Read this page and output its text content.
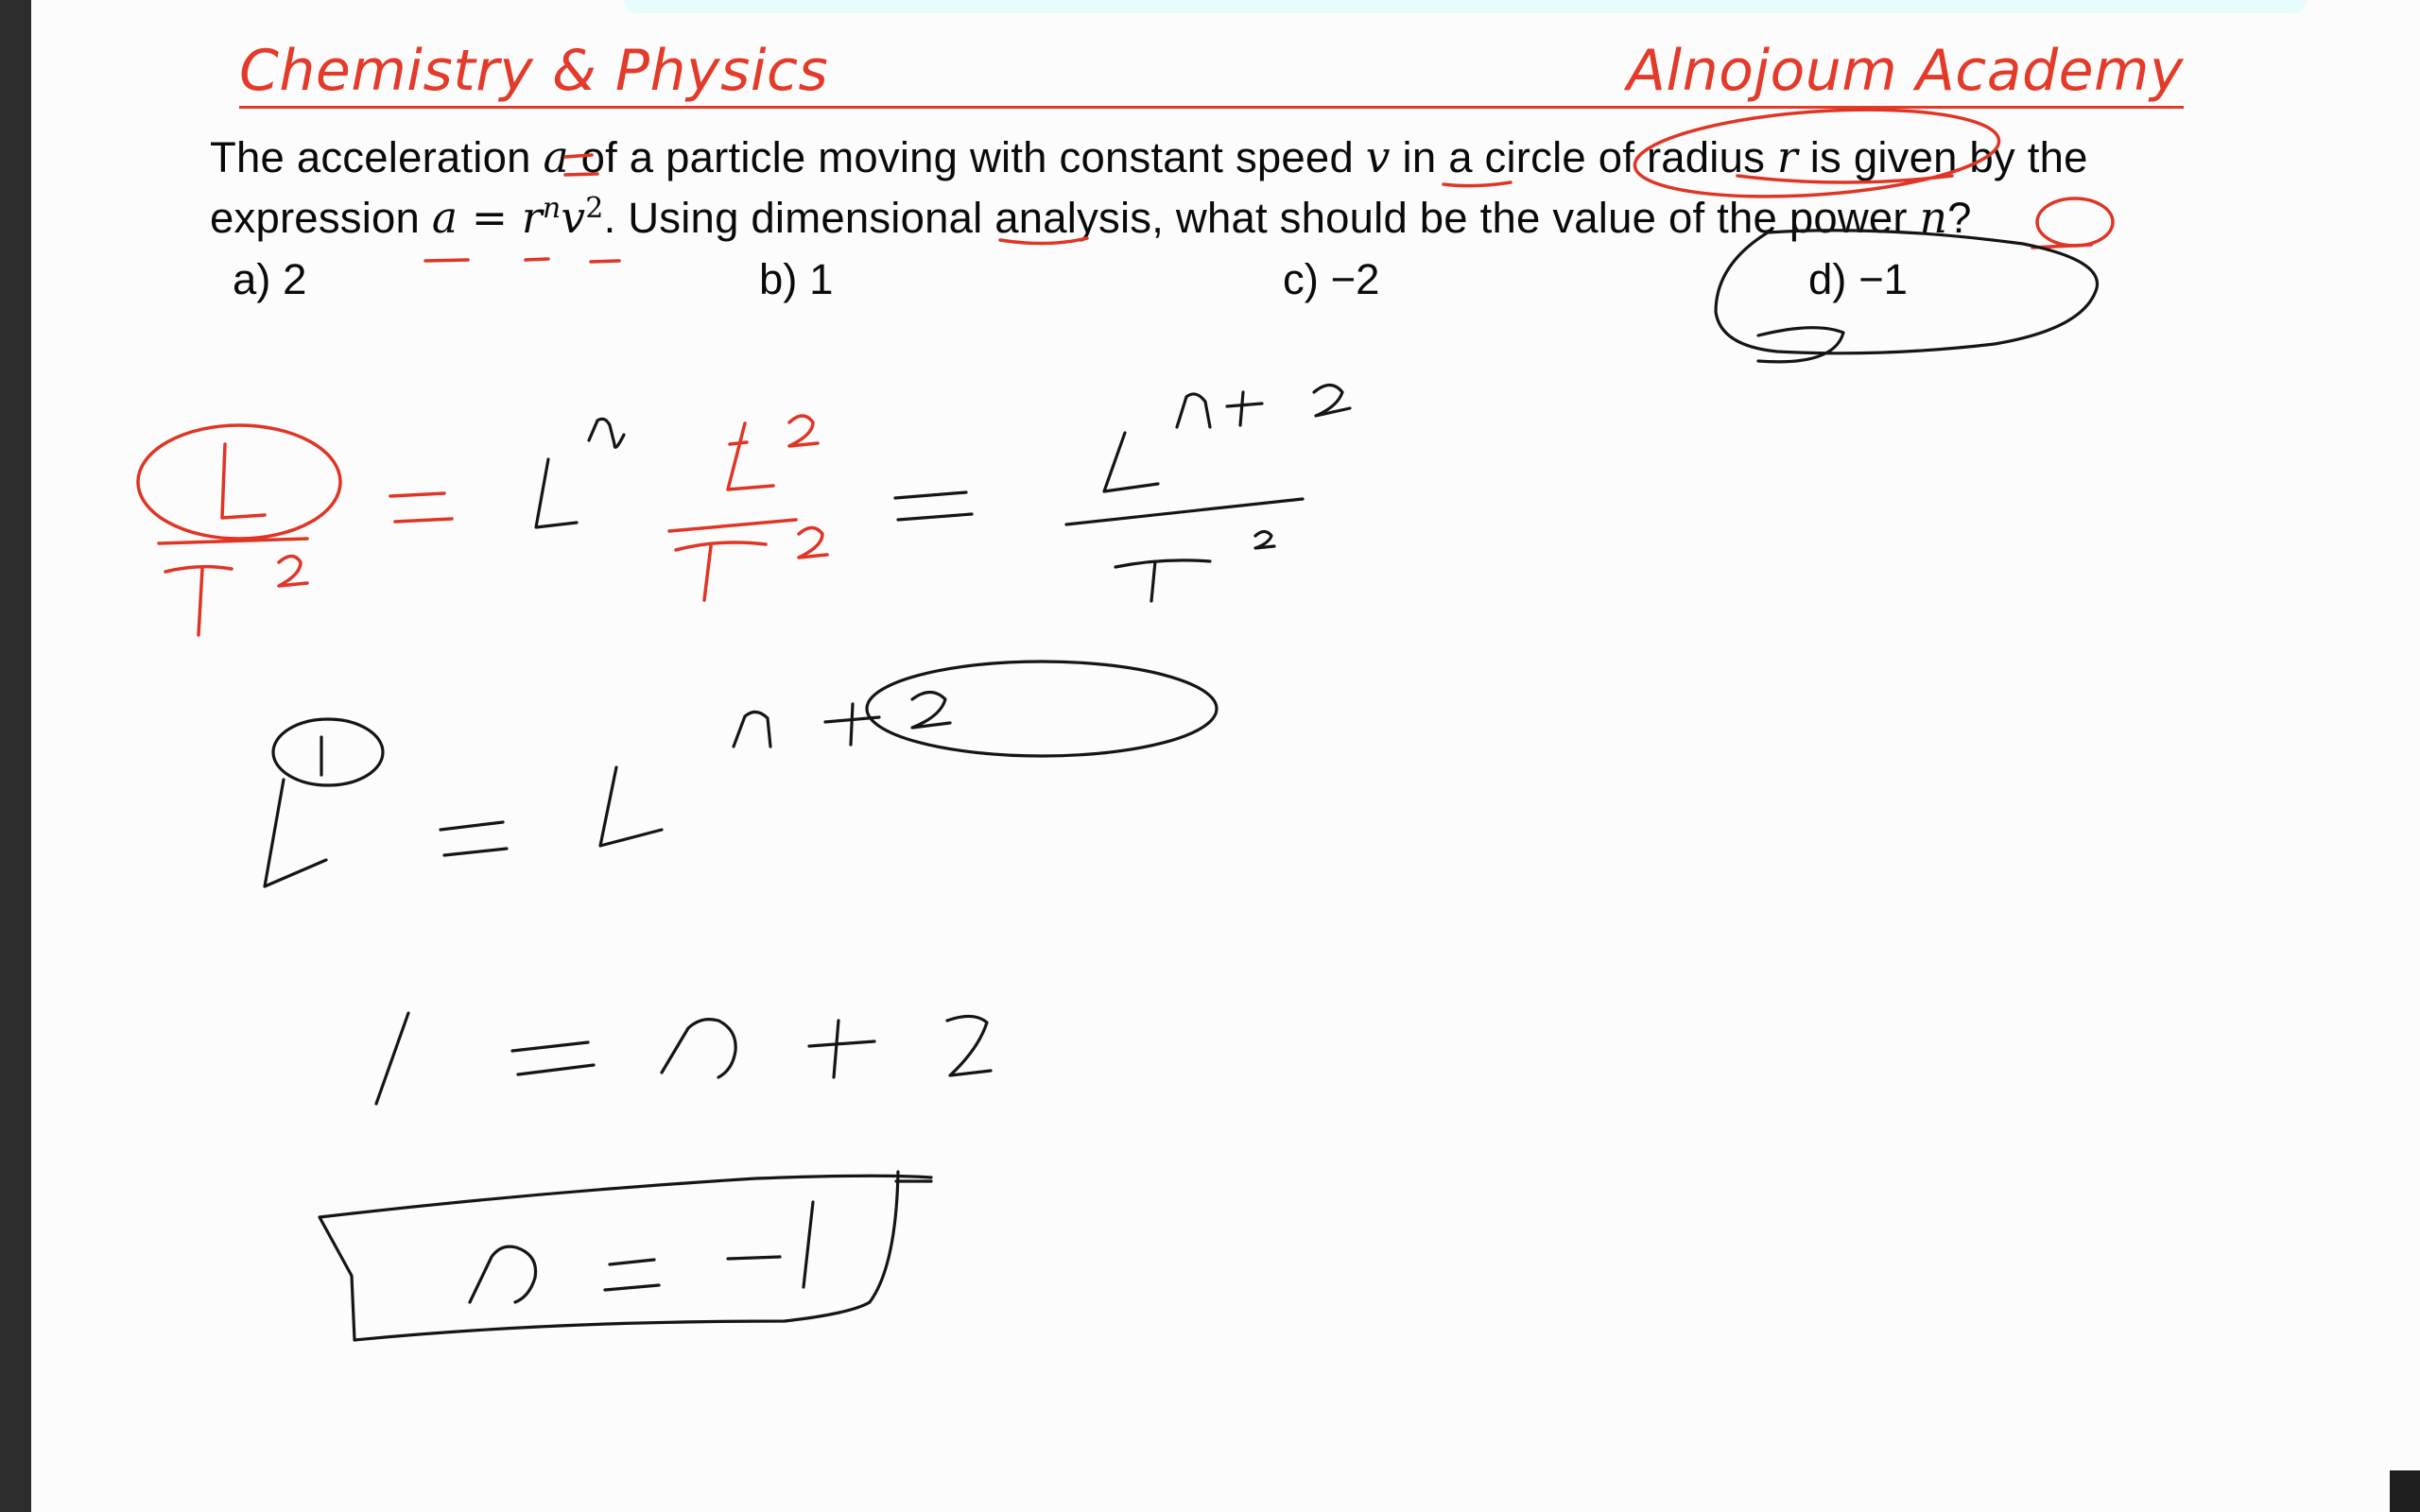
Chemistry & Physics	Alnojoum Academy
The acceleration a of a particle moving with constant speed v in a circle of radius r is given by the
expression $a = r^nv^2$. Using dimensional analysis, what should be the value of the power n?
a) 2	b) 1	c) −2	d) −1
